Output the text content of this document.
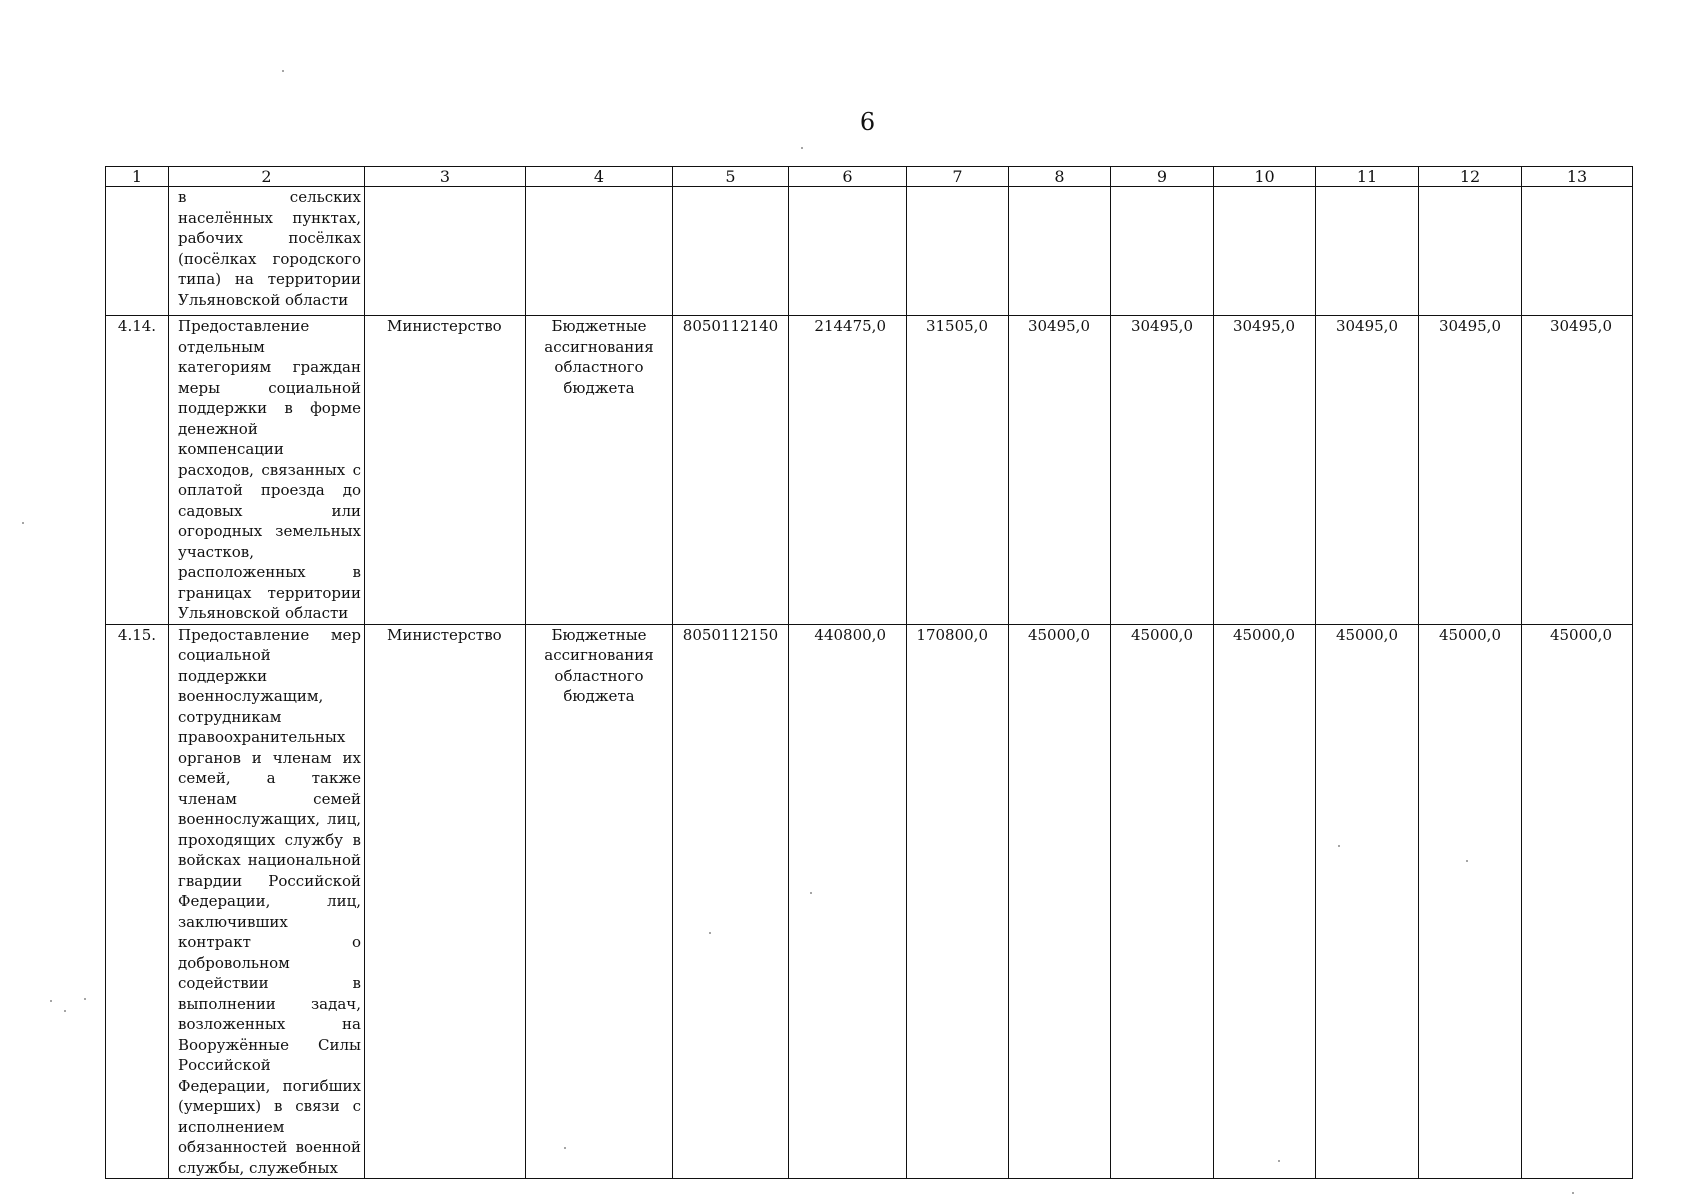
6
1	2	3	4	5	6	7	8	9	10	11	12	13
	в сельских населённых пунктах, рабочих посёлках (посёлках городского типа) на территории Ульяновской области											
4.14.	Предоставление отдельным категориям граждан меры социальной поддержки в форме денежной компенсации расходов, связанных с оплатой проезда до садовых или огородных земельных участков, расположенных в границах территории Ульяновской области	Министерство	Бюджетные ассигнования областного бюджета	8050112140	214475,0	31505,0	30495,0	30495,0	30495,0	30495,0	30495,0	30495,0
4.15.	Предоставление мер социальной поддержки военнослужащим, сотрудникам правоохранительных органов и членам их семей, а также членам семей военнослужащих, лиц, проходящих службу в войсках национальной гвардии Российской Федерации, лиц, заключивших контракт о добровольном содействии в выполнении задач, возложенных на Вооружённые Силы Российской Федерации, погибших (умерших) в связи с исполнением обязанностей военной службы, служебных	Министерство	Бюджетные ассигнования областного бюджета	8050112150	440800,0	170800,0	45000,0	45000,0	45000,0	45000,0	45000,0	45000,0
